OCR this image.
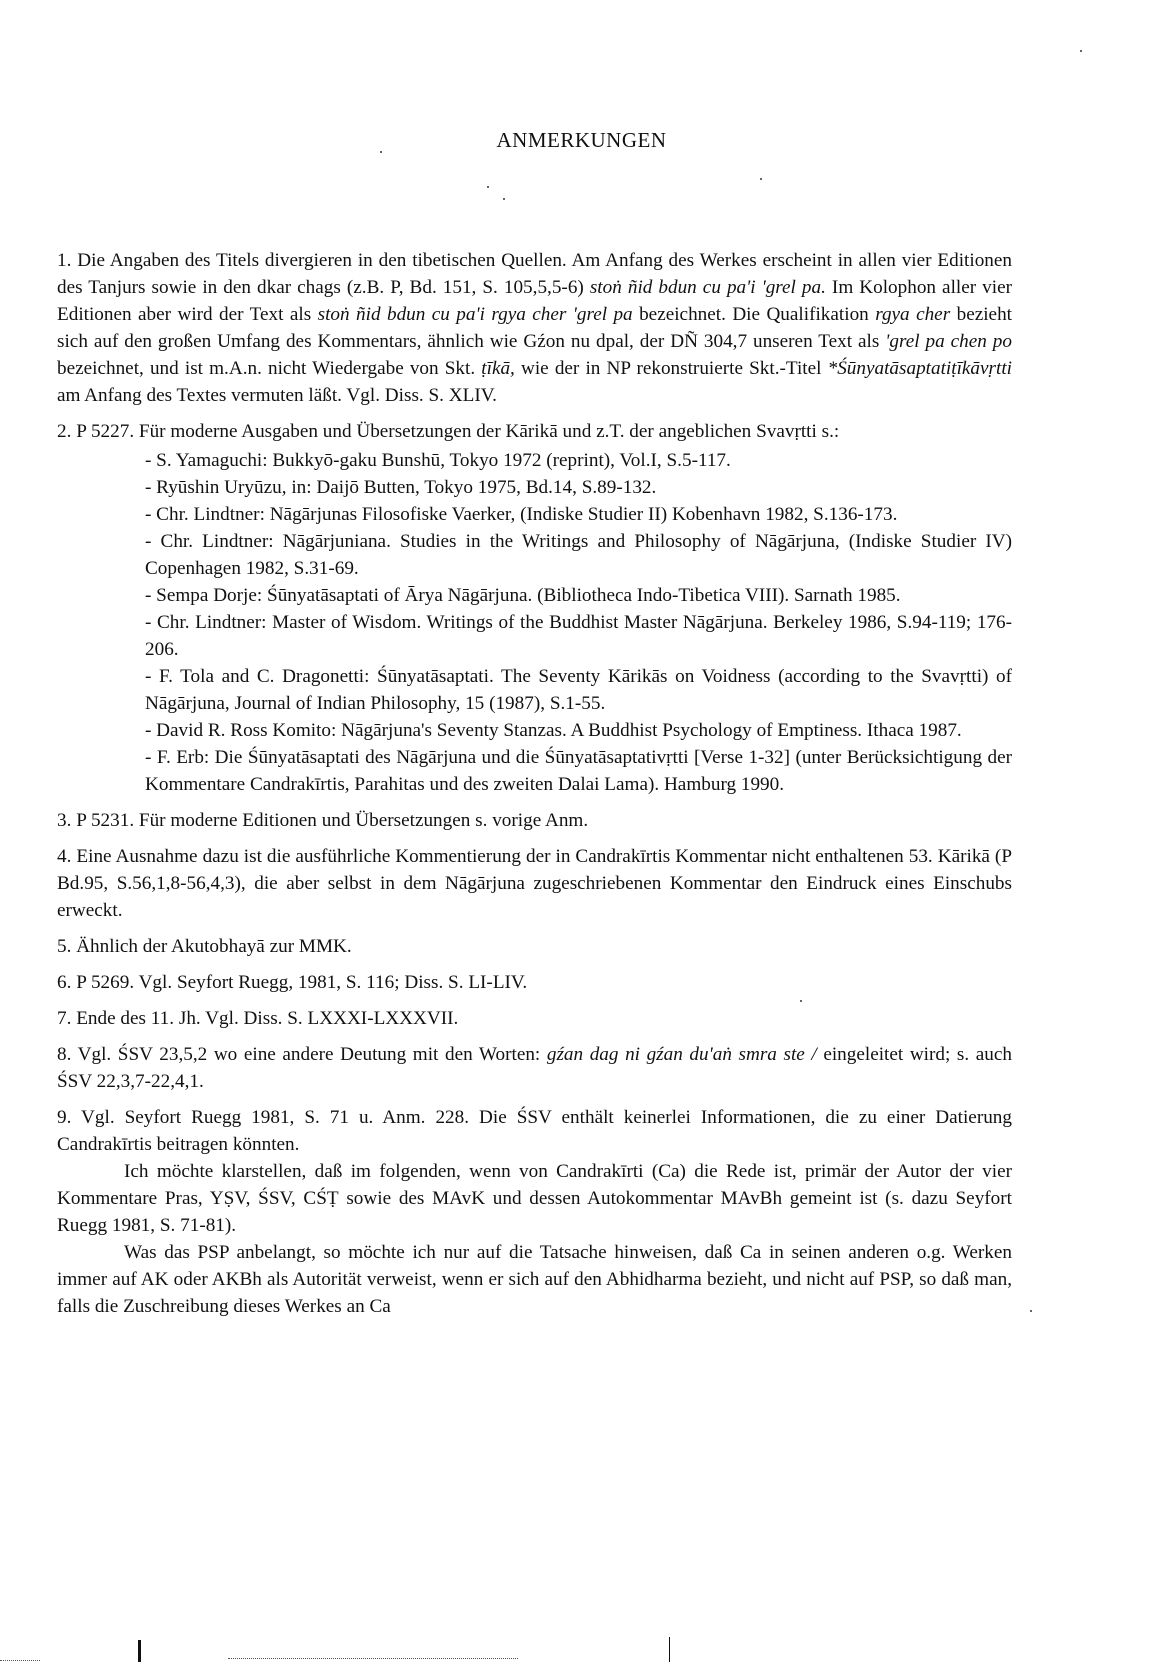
ANMERKUNGEN

1. Die Angaben des Titels divergieren in den tibetischen Quellen. Am Anfang des Werkes erscheint in allen vier Editionen des Tanjurs sowie in den dkar chags (z.B. P, Bd. 151, S. 105,5,5-6) stoṅ ñid bdun cu pa'i 'grel pa. Im Kolophon aller vier Editionen aber wird der Text als stoṅ ñid bdun cu pa'i rgya cher 'grel pa bezeichnet. Die Qualifikation rgya cher bezieht sich auf den großen Umfang des Kommentars, ähnlich wie Gźon nu dpal, der DÑ 304,7 unseren Text als 'grel pa chen po bezeichnet, und ist m.A.n. nicht Wiedergabe von Skt. ṭīkā, wie der in NP rekonstruierte Skt.-Titel *Śūnyatāsaptatiṭīkāvṛtti am Anfang des Textes vermuten läßt. Vgl. Diss. S. XLIV.

2. P 5227. Für moderne Ausgaben und Übersetzungen der Kārikā und z.T. der angeblichen Svavṛtti s.:

- S. Yamaguchi: Bukkyō-gaku Bunshū, Tokyo 1972 (reprint), Vol.I, S.5-117.
- Ryūshin Uryūzu, in: Daijō Butten, Tokyo 1975, Bd.14, S.89-132.
- Chr. Lindtner: Nāgārjunas Filosofiske Vaerker, (Indiske Studier II) Kobenhavn 1982, S.136-173.
- Chr. Lindtner: Nāgārjuniana. Studies in the Writings and Philosophy of Nāgārjuna, (Indiske Studier IV) Copenhagen 1982, S.31-69.
- Sempa Dorje: Śūnyatāsaptati of Ārya Nāgārjuna. (Bibliotheca Indo-Tibetica VIII). Sarnath 1985.
- Chr. Lindtner: Master of Wisdom. Writings of the Buddhist Master Nāgārjuna. Berkeley 1986, S.94-119; 176-206.
- F. Tola and C. Dragonetti: Śūnyatāsaptati. The Seventy Kārikās on Voidness (according to the Svavṛtti) of Nāgārjuna, Journal of Indian Philosophy, 15 (1987), S.1-55.
- David R. Ross Komito: Nāgārjuna's Seventy Stanzas. A Buddhist Psychology of Emptiness. Ithaca 1987.
- F. Erb: Die Śūnyatāsaptati des Nāgārjuna und die Śūnyatāsaptativṛtti [Verse 1-32] (unter Berücksichtigung der Kommentare Candrakīrtis, Parahitas und des zweiten Dalai Lama). Hamburg 1990.

3. P 5231. Für moderne Editionen und Übersetzungen s. vorige Anm.

4. Eine Ausnahme dazu ist die ausführliche Kommentierung der in Candrakīrtis Kommentar nicht enthaltenen 53. Kārikā (P Bd.95, S.56,1,8-56,4,3), die aber selbst in dem Nāgārjuna zugeschriebenen Kommentar den Eindruck eines Einschubs erweckt.

5. Ähnlich der Akutobhayā zur MMK.

6. P 5269. Vgl. Seyfort Ruegg, 1981, S. 116; Diss. S. LI-LIV.

7. Ende des 11. Jh. Vgl. Diss. S. LXXXI-LXXXVII.

8. Vgl. ŚSV 23,5,2 wo eine andere Deutung mit den Worten: gźan dag ni gźan du'aṅ smra ste / eingeleitet wird; s. auch ŚSV 22,3,7-22,4,1.

9. Vgl. Seyfort Ruegg 1981, S. 71 u. Anm. 228. Die ŚSV enthält keinerlei Informationen, die zu einer Datierung Candrakīrtis beitragen könnten.

Ich möchte klarstellen, daß im folgenden, wenn von Candrakīrti (Ca) die Rede ist, primär der Autor der vier Kommentare Pras, YṢV, ŚSV, CŚṬ sowie des MAvK und dessen Autokommentar MAvBh gemeint ist (s. dazu Seyfort Ruegg 1981, S. 71-81).

Was das PSP anbelangt, so möchte ich nur auf die Tatsache hinweisen, daß Ca in seinen anderen o.g. Werken immer auf AK oder AKBh als Autorität verweist, wenn er sich auf den Abhidharma bezieht, und nicht auf PSP, so daß man, falls die Zuschreibung dieses Werkes an Ca
